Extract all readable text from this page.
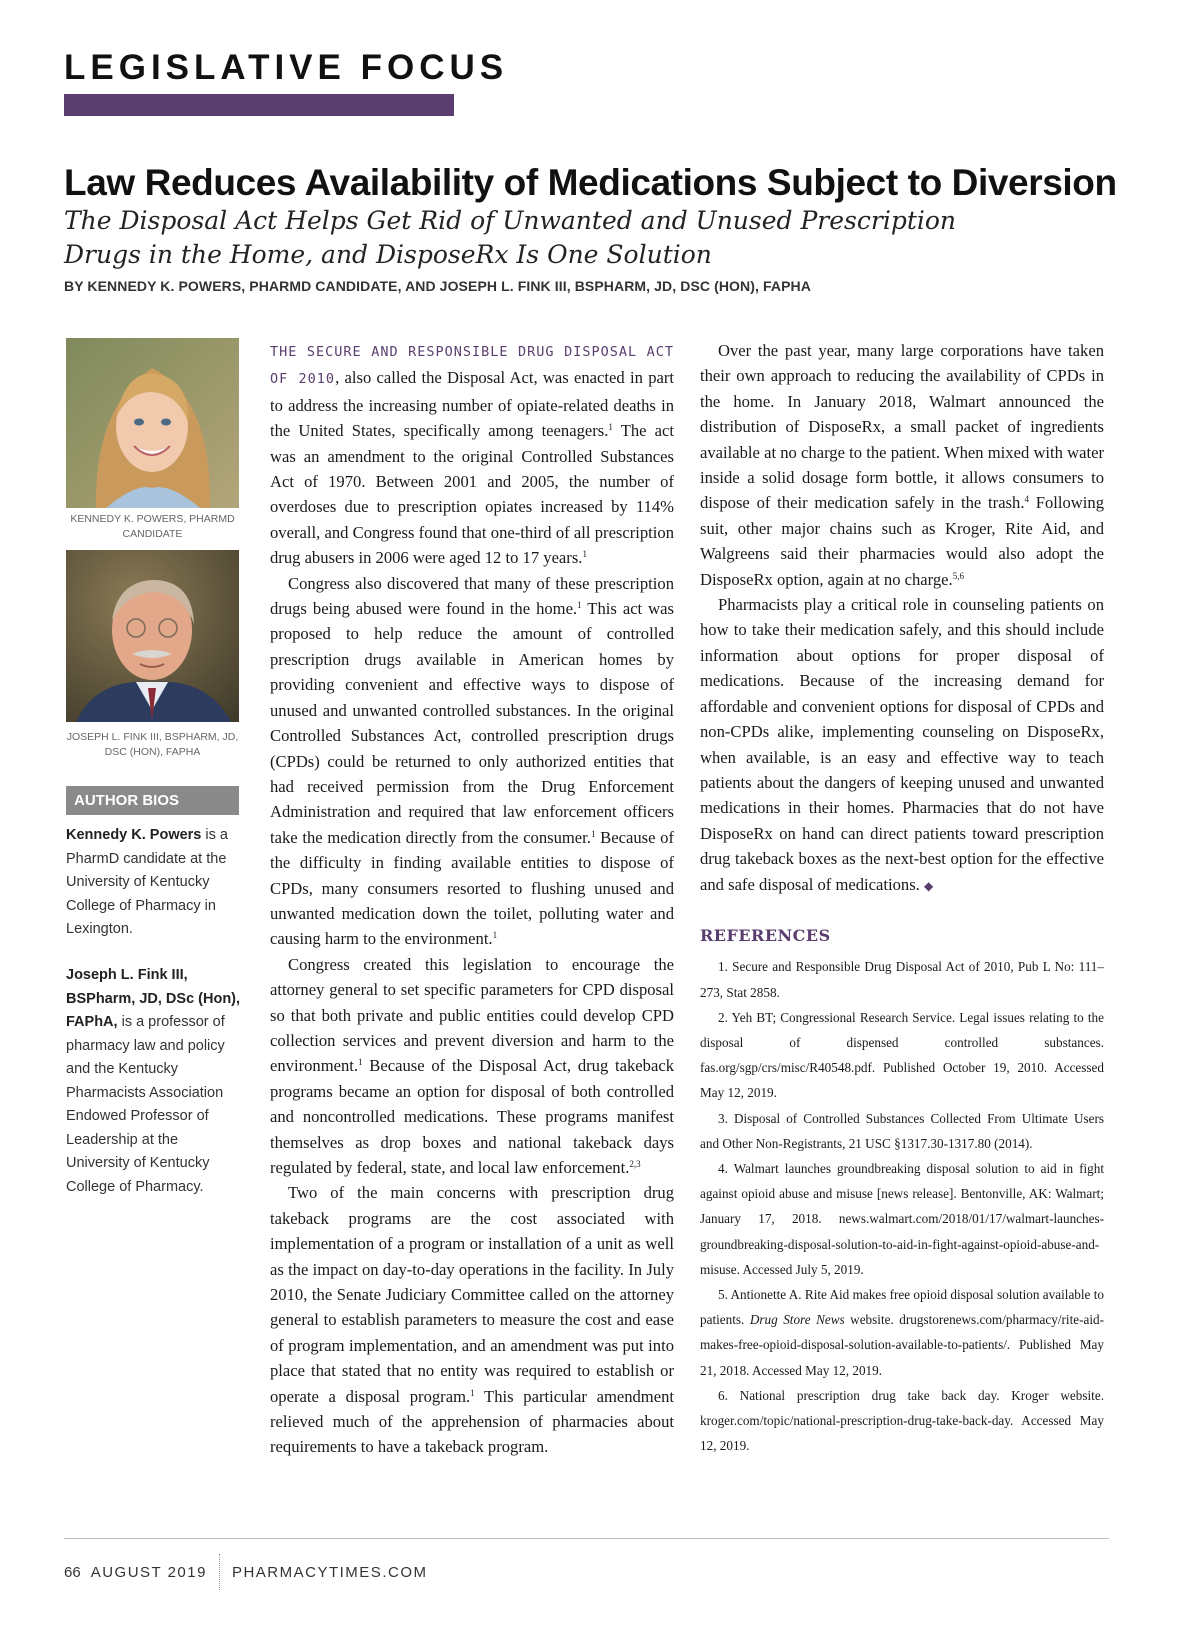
LEGISLATIVE FOCUS
Law Reduces Availability of Medications Subject to Diversion

The Disposal Act Helps Get Rid of Unwanted and Unused Prescription Drugs in the Home, and DisposeRx Is One Solution

BY KENNEDY K. POWERS, PHARMD CANDIDATE, AND JOSEPH L. FINK III, BSPHARM, JD, DSC (HON), FAPHA

KENNEDY K. POWERS, PHARMD CANDIDATE
JOSEPH L. FINK III, BSPHARM, JD, DSC (HON), FAPHA
AUTHOR BIOS

Kennedy K. Powers is a PharmD candidate at the University of Kentucky College of Pharmacy in Lexington.

Joseph L. Fink III, BSPharm, JD, DSc (Hon), FAPhA, is a professor of pharmacy law and policy and the Kentucky Pharmacists Association Endowed Professor of Leadership at the University of Kentucky College of Pharmacy.

THE SECURE AND RESPONSIBLE DRUG DISPOSAL ACT OF 2010, also called the Disposal Act, was enacted in part to address the increasing number of opiate-related deaths in the United States, specifically among teenagers.$^1$ The act was an amendment to the original Controlled Substances Act of 1970. Between 2001 and 2005, the number of overdoses due to prescription opiates increased by 114% overall, and Congress found that one-third of all prescription drug abusers in 2006 were aged 12 to 17 years.$^1$

Congress also discovered that many of these prescription drugs being abused were found in the home.$^1$ This act was proposed to help reduce the amount of controlled prescription drugs available in American homes by providing convenient and effective ways to dispose of unused and unwanted controlled substances. In the original Controlled Substances Act, controlled prescription drugs (CPDs) could be returned to only authorized entities that had received permission from the Drug Enforcement Administration and required that law enforcement officers take the medication directly from the consumer.$^1$ Because of the difficulty in finding available entities to dispose of CPDs, many consumers resorted to flushing unused and unwanted medication down the toilet, polluting water and causing harm to the environment.$^1$

Congress created this legislation to encourage the attorney general to set specific parameters for CPD disposal so that both private and public entities could develop CPD collection services and prevent diversion and harm to the environment.$^1$ Because of the Disposal Act, drug takeback programs became an option for disposal of both controlled and noncontrolled medications. These programs manifest themselves as drop boxes and national takeback days regulated by federal, state, and local law enforcement.$^{2,3}$

Two of the main concerns with prescription drug takeback programs are the cost associated with implementation of a program or installation of a unit as well as the impact on day-to-day operations in the facility. In July 2010, the Senate Judiciary Committee called on the attorney general to establish parameters to measure the cost and ease of program implementation, and an amendment was put into place that stated that no entity was required to establish or operate a disposal program.$^1$ This particular amendment relieved much of the apprehension of pharmacies about requirements to have a takeback program.

Over the past year, many large corporations have taken their own approach to reducing the availability of CPDs in the home. In January 2018, Walmart announced the distribution of DisposeRx, a small packet of ingredients available at no charge to the patient. When mixed with water inside a solid dosage form bottle, it allows consumers to dispose of their medication safely in the trash.$^4$ Following suit, other major chains such as Kroger, Rite Aid, and Walgreens said their pharmacies would also adopt the DisposeRx option, again at no charge.$^{5,6}$

Pharmacists play a critical role in counseling patients on how to take their medication safely, and this should include information about options for proper disposal of medications. Because of the increasing demand for affordable and convenient options for disposal of CPDs and non-CPDs alike, implementing counseling on DisposeRx, when available, is an easy and effective way to teach patients about the dangers of keeping unused and unwanted medications in their homes. Pharmacies that do not have DisposeRx on hand can direct patients toward prescription drug takeback boxes as the next-best option for the effective and safe disposal of medications. ◆

REFERENCES

1. Secure and Responsible Drug Disposal Act of 2010, Pub L No: 111–273, Stat 2858.

2. Yeh BT; Congressional Research Service. Legal issues relating to the disposal of dispensed controlled substances. fas.org/sgp/crs/misc/R40548.pdf. Published October 19, 2010. Accessed May 12, 2019.

3. Disposal of Controlled Substances Collected From Ultimate Users and Other Non-Registrants, 21 USC §1317.30-1317.80 (2014).

4. Walmart launches groundbreaking disposal solution to aid in fight against opioid abuse and misuse [news release]. Bentonville, AK: Walmart; January 17, 2018. news.walmart.com/2018/01/17/walmart-launches-groundbreaking-disposal-solution-to-aid-in-fight-against-opioid-abuse-and-misuse. Accessed July 5, 2019.

5. Antionette A. Rite Aid makes free opioid disposal solution available to patients. Drug Store News website. drugstorenews.com/pharmacy/rite-aid-makes-free-opioid-disposal-solution-available-to-patients/. Published May 21, 2018. Accessed May 12, 2019.

6. National prescription drug take back day. Kroger website. kroger.com/topic/national-prescription-drug-take-back-day. Accessed May 12, 2019.

66 AUGUST 2019 PHARMACYTIMES.COM
